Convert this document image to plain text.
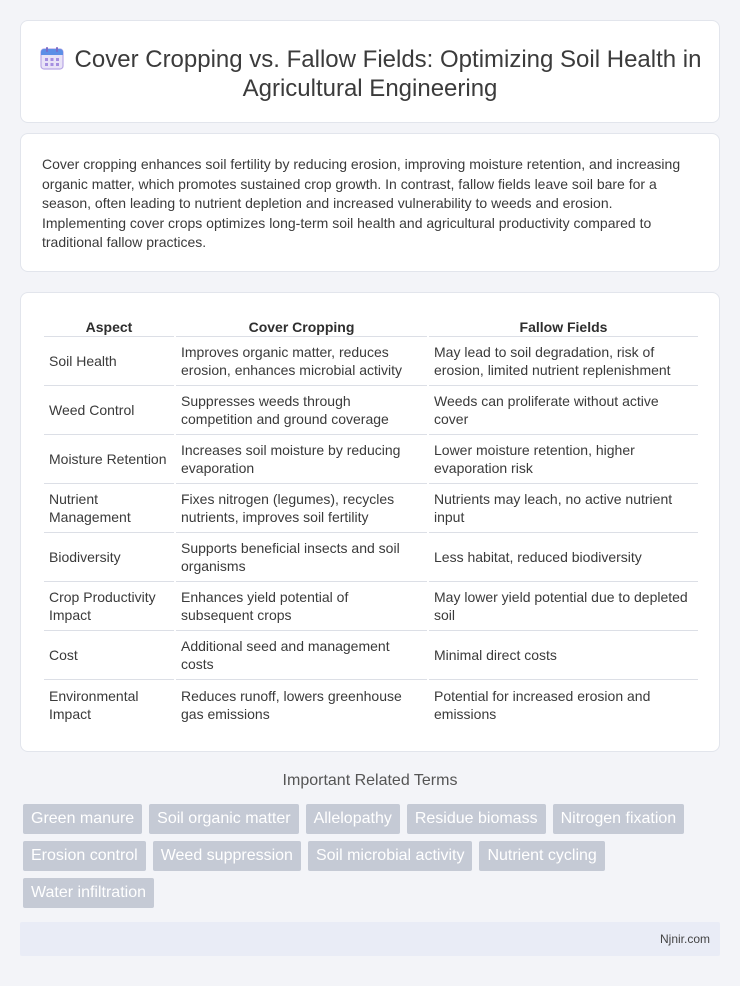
Cover Cropping vs. Fallow Fields: Optimizing Soil Health in Agricultural Engineering

Cover cropping enhances soil fertility by reducing erosion, improving moisture retention, and increasing organic matter, which promotes sustained crop growth. In contrast, fallow fields leave soil bare for a season, often leading to nutrient depletion and increased vulnerability to weeds and erosion. Implementing cover crops optimizes long-term soil health and agricultural productivity compared to traditional fallow practices.

Aspect	Cover Cropping	Fallow Fields
Soil Health	Improves organic matter, reduces erosion, enhances microbial activity	May lead to soil degradation, risk of erosion, limited nutrient replenishment
Weed Control	Suppresses weeds through competition and ground coverage	Weeds can proliferate without active cover
Moisture Retention	Increases soil moisture by reducing evaporation	Lower moisture retention, higher evaporation risk
Nutrient Management	Fixes nitrogen (legumes), recycles nutrients, improves soil fertility	Nutrients may leach, no active nutrient input
Biodiversity	Supports beneficial insects and soil organisms	Less habitat, reduced biodiversity
Crop Productivity Impact	Enhances yield potential of subsequent crops	May lower yield potential due to depleted soil
Cost	Additional seed and management costs	Minimal direct costs
Environmental Impact	Reduces runoff, lowers greenhouse gas emissions	Potential for increased erosion and emissions
Important Related Terms
Green manure	Soil organic matter	Allelopathy	Residue biomass	Nitrogen fixation
Erosion control	Weed suppression	Soil microbial activity	Nutrient cycling
Water infiltration
Njnir.com
